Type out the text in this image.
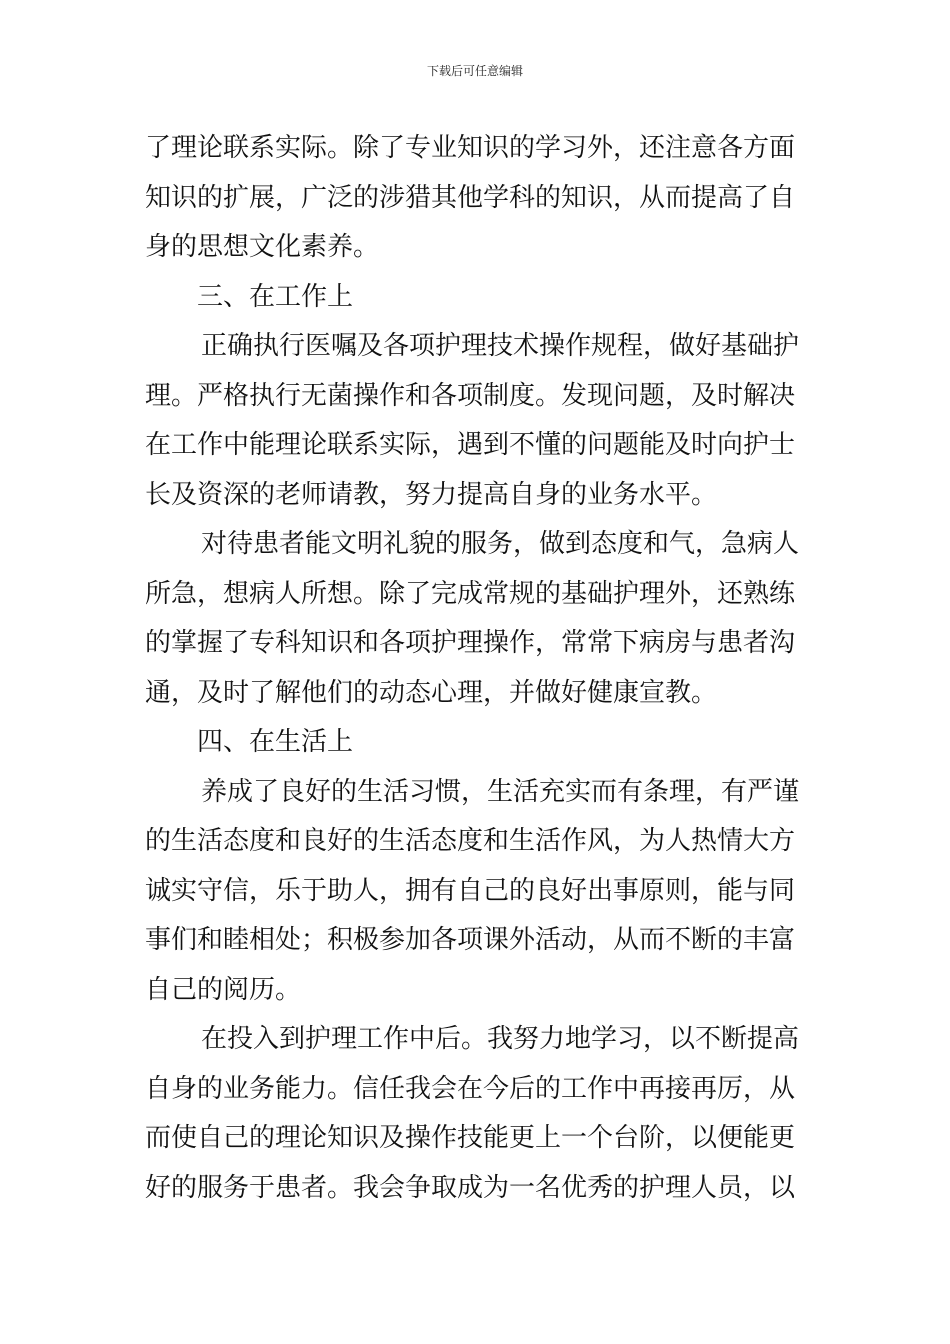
下载后可任意编辑
了理论联系实际。除了专业知识的学习外，还注意各方面
知识的扩展，广泛的涉猎其他学科的知识，从而提高了自
身的思想文化素养。
三、在工作上
正确执行医嘱及各项护理技术操作规程，做好基础护
理。严格执行无菌操作和各项制度。发现问题，及时解决
在工作中能理论联系实际，遇到不懂的问题能及时向护士
长及资深的老师请教，努力提高自身的业务水平。
对待患者能文明礼貌的服务，做到态度和气，急病人
所急，想病人所想。除了完成常规的基础护理外，还熟练
的掌握了专科知识和各项护理操作，常常下病房与患者沟
通，及时了解他们的动态心理，并做好健康宣教。
四、在生活上
养成了良好的生活习惯，生活充实而有条理，有严谨
的生活态度和良好的生活态度和生活作风，为人热情大方
诚实守信，乐于助人，拥有自己的良好出事原则，能与同
事们和睦相处；积极参加各项课外活动，从而不断的丰富
自己的阅历。
在投入到护理工作中后。我努力地学习，以不断提高
自身的业务能力。信任我会在今后的工作中再接再厉，从
而使自己的理论知识及操作技能更上一个台阶，以便能更
好的服务于患者。我会争取成为一名优秀的护理人员，以
